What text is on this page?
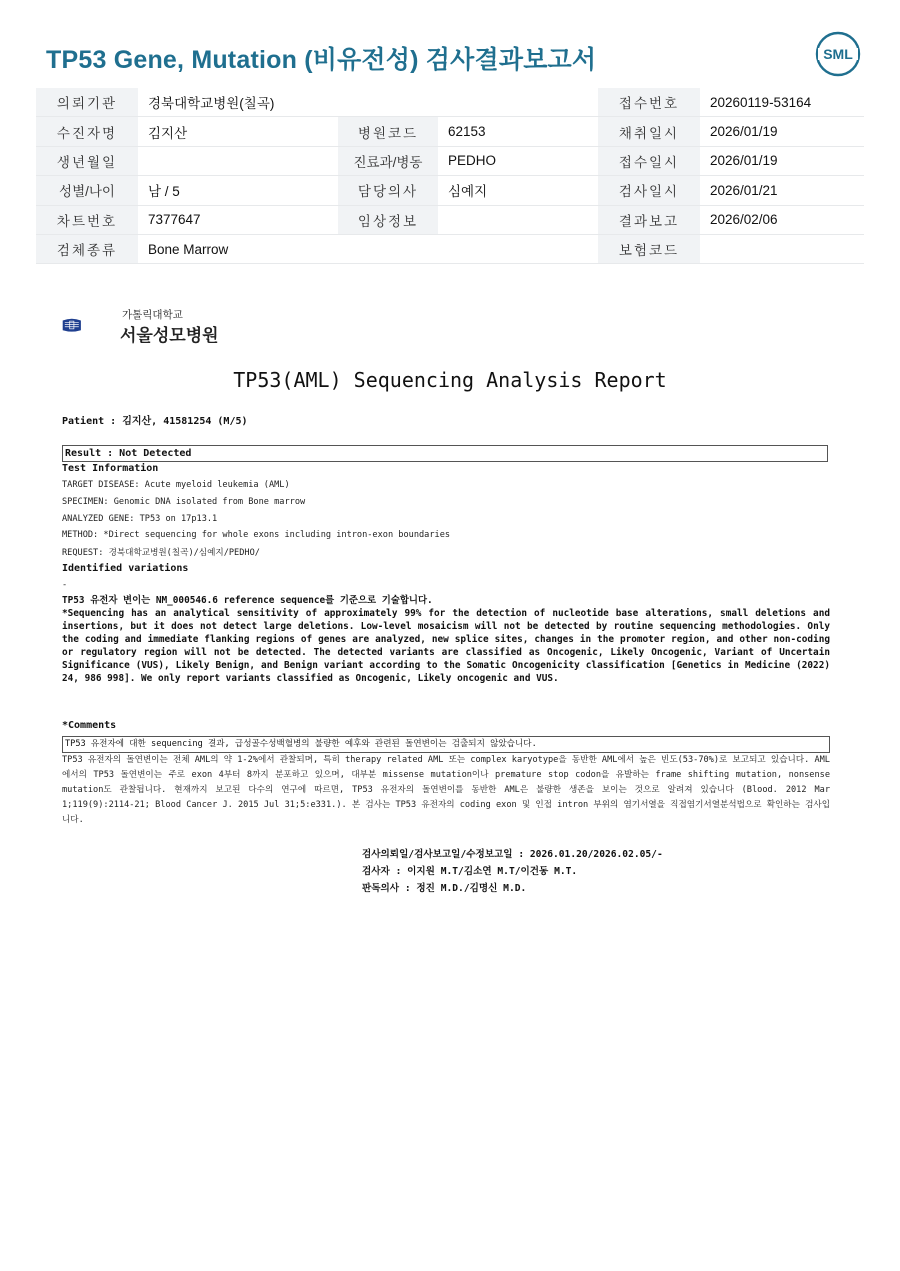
TP53 Gene, Mutation (비유전성) 검사결과보고서	SML
의뢰기관	경북대학교병원(칠곡)			접수번호	20260119-53164
수진자명	김지산	병원코드	62153	채취일시	2026/01/19
생년월일		진료과/병동	PEDHO	접수일시	2026/01/19
성별/나이	남 / 5	담당의사	심예지	검사일시	2026/01/21
차트번호	7377647	임상정보		결과보고	2026/02/06
검체종류	Bone Marrow			보험코드	
가톨릭대학교
서울성모병원
TP53(AML) Sequencing Analysis Report
Patient : 김지산, 41581254 (M/5)
Result : Not Detected
Test Information
TARGET DISEASE: Acute myeloid leukemia (AML)
SPECIMEN: Genomic DNA isolated from Bone marrow
ANALYZED GENE: TP53 on 17p13.1
METHOD: *Direct sequencing for whole exons including intron-exon boundaries
REQUEST: 경북대학교병원(칠곡)/심예지/PEDHO/
Identified variations
-
TP53 유전자 변이는 NM_000546.6 reference sequence를 기준으로 기술합니다.
*Sequencing has an analytical sensitivity of approximately 99% for the detection of nucleotide base alterations, small deletions and insertions, but it does not detect large deletions. Low-level mosaicism will not be detected by routine sequencing methodologies. Only the coding and immediate flanking regions of genes are analyzed, new splice sites, changes in the promoter region, and other non-coding or regulatory region will not be detected. The detected variants are classified as Oncogenic, Likely Oncogenic, Variant of Uncertain Significance (VUS), Likely Benign, and Benign variant according to the Somatic Oncogenicity classification [Genetics in Medicine (2022) 24, 986 998]. We only report variants classified as Oncogenic, Likely oncogenic and VUS.
*Comments
TP53 유전자에 대한 sequencing 결과, 급성골수성백혈병의 불량한 예후와 관련된 돌연변이는 검출되지 않았습니다.
TP53 유전자의 돌연변이는 전체 AML의 약 1-2%에서 관찰되며, 특히 therapy related AML 또는 complex karyotype을 동반한 AML에서 높은 빈도(53-70%)로 보고되고 있습니다. AML에서의 TP53 돌연변이는 주로 exon 4부터 8까지 분포하고 있으며, 대부분 missense mutation이나 premature stop codon을 유발하는 frame shifting mutation, nonsense mutation도 관찰됩니다. 현재까지 보고된 다수의 연구에 따르면, TP53 유전자의 돌연변이를 동반한 AML은 불량한 생존을 보이는 것으로 알려져 있습니다 (Blood. 2012 Mar 1;119(9):2114-21; Blood Cancer J. 2015 Jul 31;5:e331.). 본 검사는 TP53 유전자의 coding exon 및 인접 intron 부위의 염기서열을 직접염기서열분석법으로 확인하는 검사입니다.
검사의뢰일/검사보고일/수정보고일 : 2026.01.20/2026.02.05/-
검사자 : 이지원 M.T/김소연 M.T/이건동 M.T.
판독의사 : 정진 M.D./김명신 M.D.
